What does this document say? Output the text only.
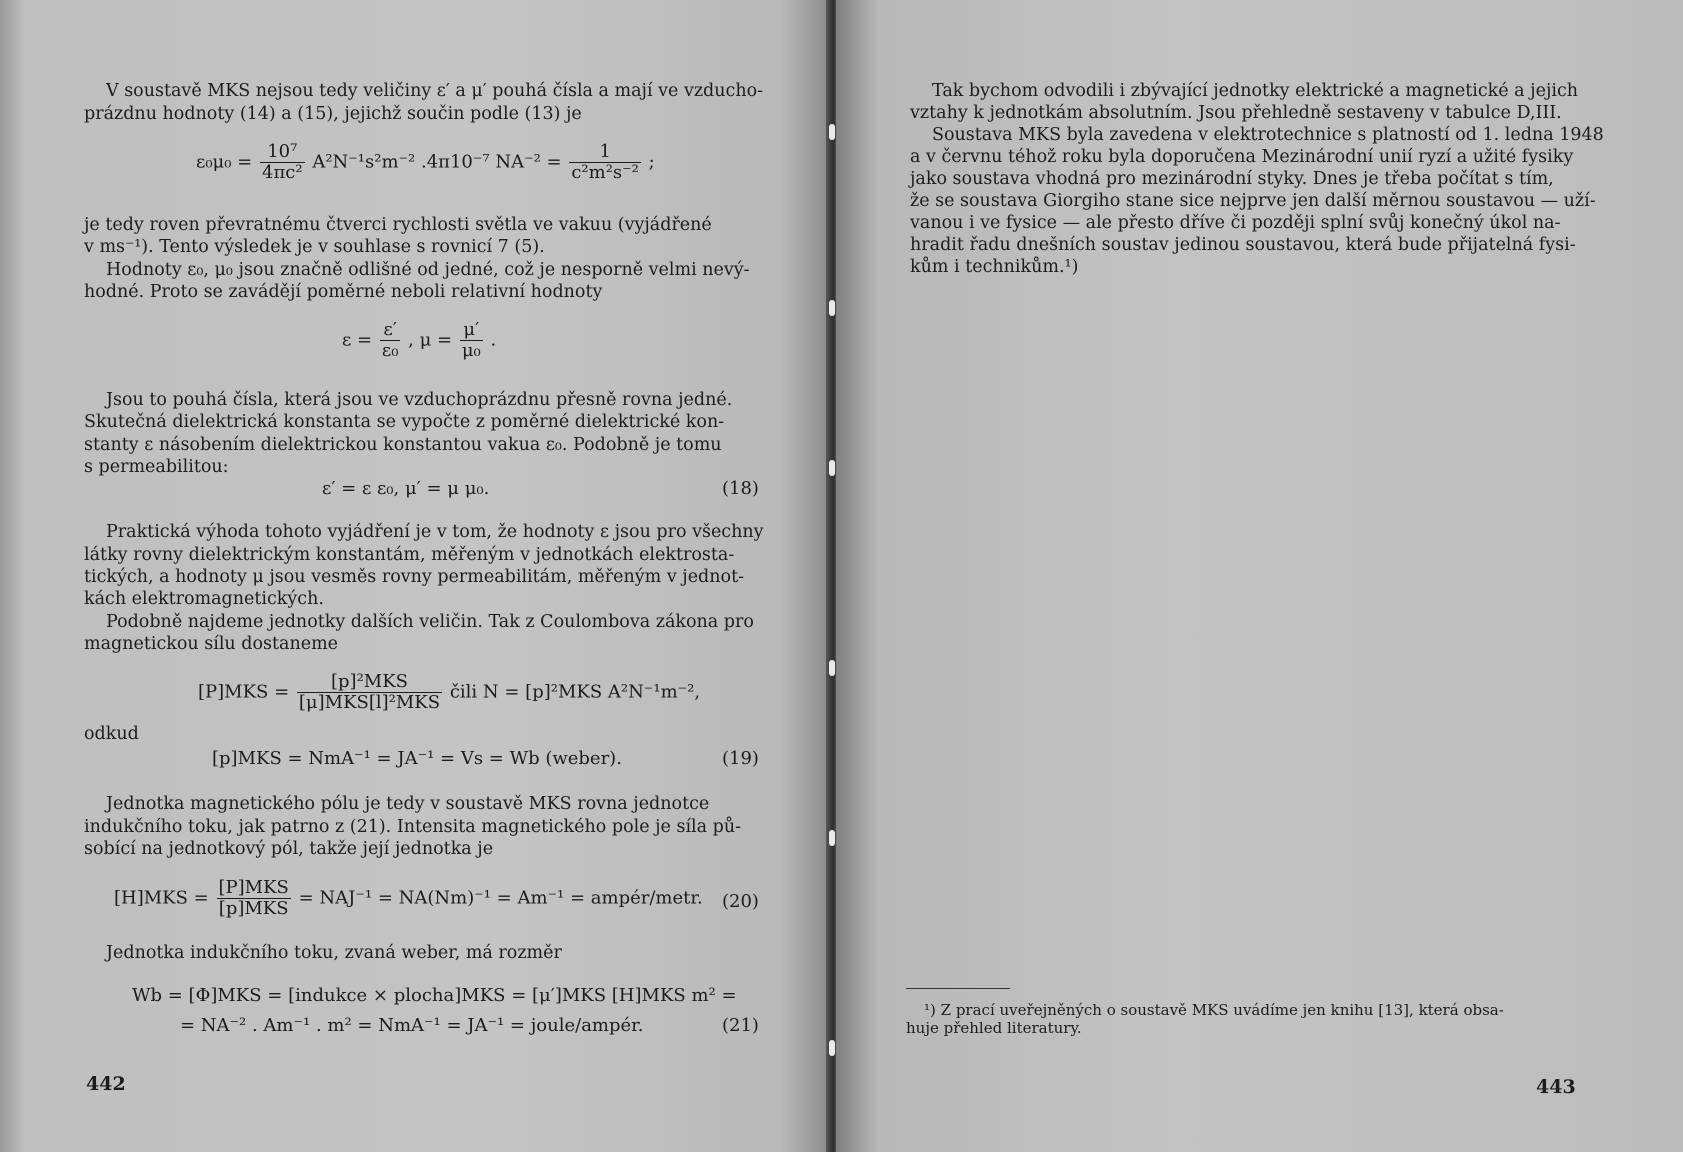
V soustavě MKS nejsou tedy veličiny ε′ a μ′ pouhá čísla a mají ve vzducho-
prázdnu hodnoty (14) a (15), jejichž součin podle (13) je
$\varepsilon_0\mu_0 = \frac{\text{10⁷}}{\text{4πc²}} A^2N^{-1}s^2m^{-2}$ .4π10⁻⁷ $NA^{-2} = \frac{1}{\text{c²m²s⁻²}}$ ;
je tedy roven převratnému čtverci rychlosti světla ve vakuu (vyjádřené
v ms⁻¹). Tento výsledek je v souhlase s rovnicí 7 (5).
Hodnoty ε₀, μ₀ jsou značně odlišné od jedné, což je nesporně velmi nevý-
hodné. Proto se zavádějí poměrné neboli relativní hodnoty
$\varepsilon = \frac{\varepsilon'}{\text{ε₀}}$ , $\mu = \frac{\mu'}{\text{μ₀}}$ .
Jsou to pouhá čísla, která jsou ve vzduchoprázdnu přesně rovna jedné.
Skutečná dielektrická konstanta se vypočte z poměrné dielektrické kon-
stanty ε násobením dielektrickou konstantou vakua ε₀. Podobně je tomu
s permeabilitou:
ε′ = ε ε₀, μ′ = μ μ₀.	(18)
Praktická výhoda tohoto vyjádření je v tom, že hodnoty ε jsou pro všechny
látky rovny dielektrickým konstantám, měřeným v jednotkách elektrosta-
tických, a hodnoty μ jsou vesměs rovny permeabilitám, měřeným v jednot-
kách elektromagnetických.
Podobně najdeme jednotky dalších veličin. Tak z Coulombova zákona pro
magnetickou sílu dostaneme
$[P]MKS = \frac{\text{[p]²MKS}}{\text{[μ]MKS[l]²MKS}}$ čili N = [p]²MKS A²N⁻¹m⁻²,
odkud
[p]MKS = NmA⁻¹ = JA⁻¹ = Vs = Wb (weber).	(19)
Jednotka magnetického pólu je tedy v soustavě MKS rovna jednotce
indukčního toku, jak patrno z (21). Intensita magnetického pole je síla pů-
sobící na jednotkový pól, takže její jednotka je
$[H]MKS = \frac{\text{[P]MKS}}{\text{[p]MKS}} = NAJ^{-1} = NA(Nm)^{-1} = Am^{-1}$ = ampér/metr. (20)
Jednotka indukčního toku, zvaná weber, má rozměr
Wb = [Φ]MKS = [indukce × plocha]MKS = [μ′]MKS [H]MKS m² =
= NA⁻² . Am⁻¹ . m² = NmA⁻¹ = JA⁻¹ = joule/ampér.	(21)
442
Tak bychom odvodili i zbývající jednotky elektrické a magnetické a jejich
vztahy k jednotkám absolutním. Jsou přehledně sestaveny v tabulce D,III.
Soustava MKS byla zavedena v elektrotechnice s platností od 1. ledna 1948
a v červnu téhož roku byla doporučena Mezinárodní unií ryzí a užité fysiky
jako soustava vhodná pro mezinárodní styky. Dnes je třeba počítat s tím,
že se soustava Giorgiho stane sice nejprve jen další měrnou soustavou — uží-
vanou i ve fysice — ale přesto dříve či později splní svůj konečný úkol na-
hradit řadu dnešních soustav jedinou soustavou, která bude přijatelná fysi-
kům i technikům.¹)
¹) Z prací uveřejněných o soustavě MKS uvádíme jen knihu [13], která obsa-
huje přehled literatury.
443
